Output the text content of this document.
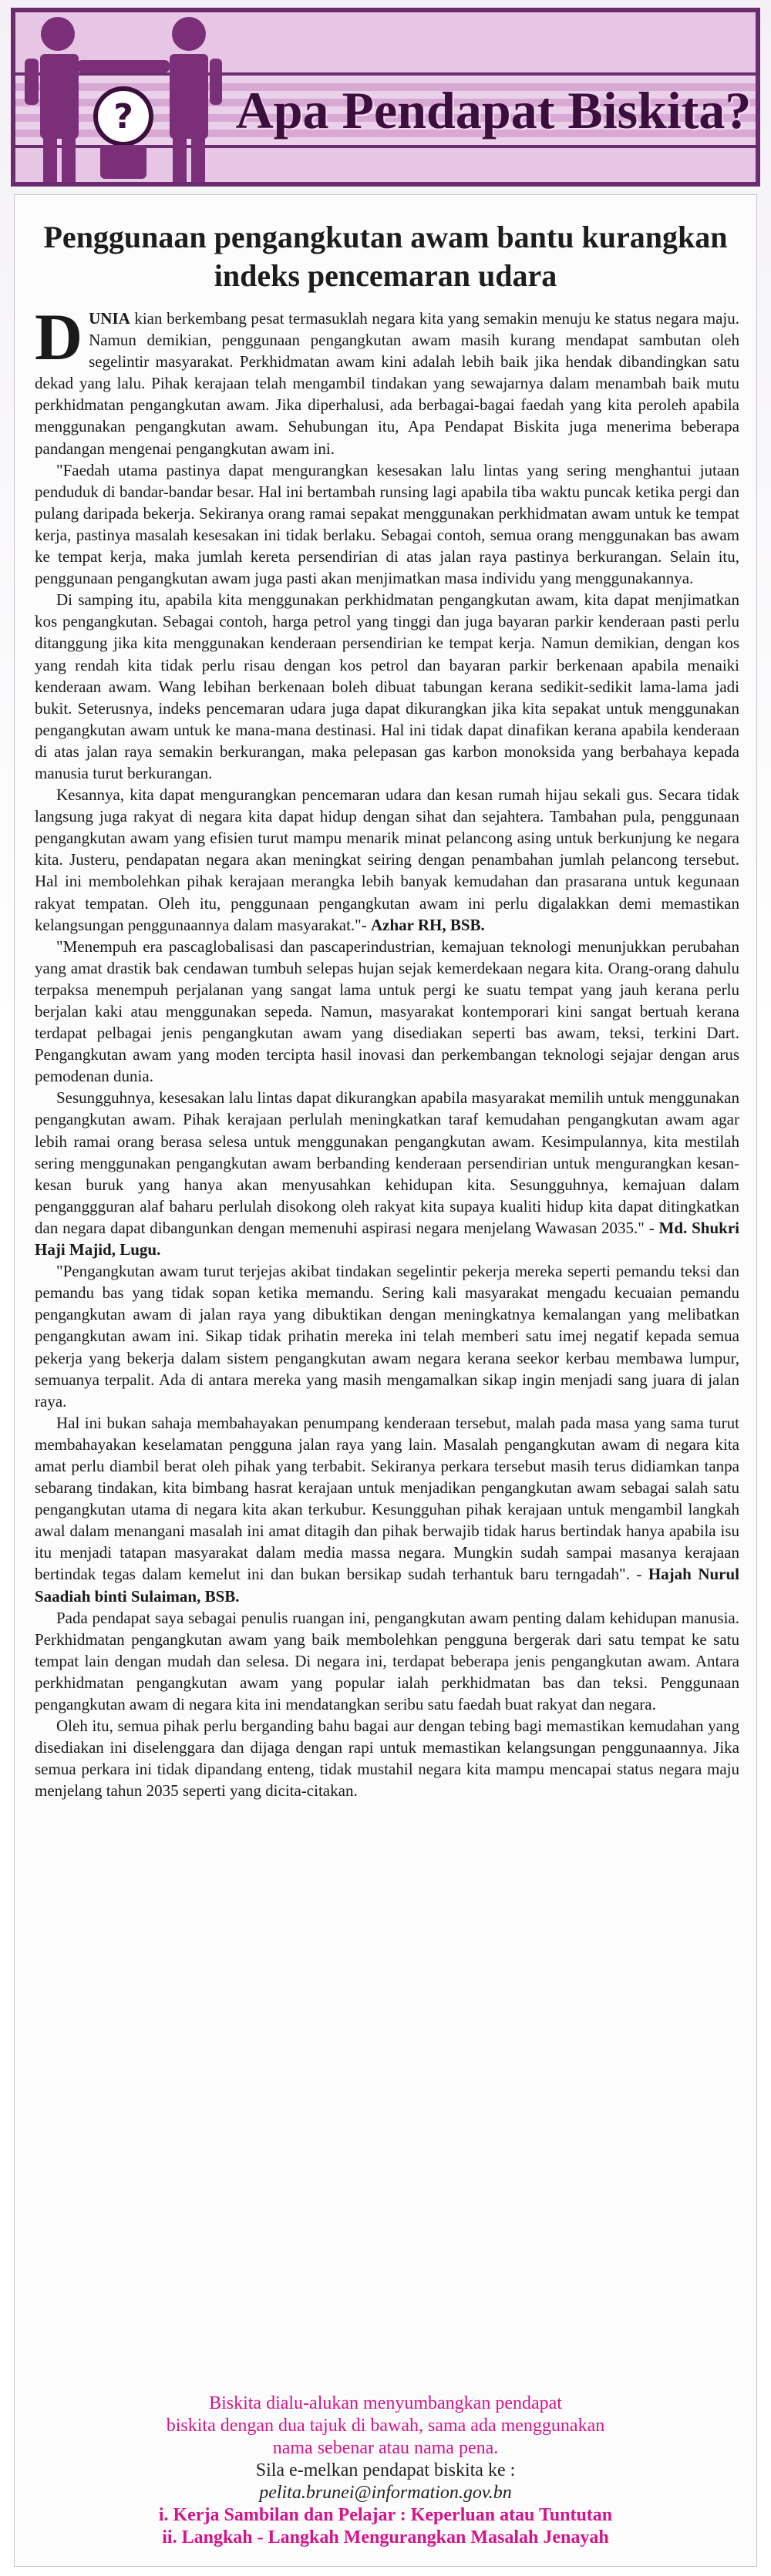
? Apa Pendapat Biskita?
Penggunaan pengangkutan awam bantu kurangkan indeks pencemaran udara

DUNIA kian berkembang pesat termasuklah negara kita yang semakin menuju ke status negara maju. Namun demikian, penggunaan pengangkutan awam masih kurang mendapat sambutan oleh segelintir masyarakat. Perkhidmatan awam kini adalah lebih baik jika hendak dibandingkan satu dekad yang lalu. Pihak kerajaan telah mengambil tindakan yang sewajarnya dalam menambah baik mutu perkhidmatan pengangkutan awam. Jika diperhalusi, ada berbagai-bagai faedah yang kita peroleh apabila menggunakan pengangkutan awam. Sehubungan itu, Apa Pendapat Biskita juga menerima beberapa pandangan mengenai pengangkutan awam ini.

"Faedah utama pastinya dapat mengurangkan kesesakan lalu lintas yang sering menghantui jutaan penduduk di bandar-bandar besar. Hal ini bertambah runsing lagi apabila tiba waktu puncak ketika pergi dan pulang daripada bekerja. Sekiranya orang ramai sepakat menggunakan perkhidmatan awam untuk ke tempat kerja, pastinya masalah kesesakan ini tidak berlaku. Sebagai contoh, semua orang menggunakan bas awam ke tempat kerja, maka jumlah kereta persendirian di atas jalan raya pastinya berkurangan. Selain itu, penggunaan pengangkutan awam juga pasti akan menjimatkan masa individu yang menggunakannya.

Di samping itu, apabila kita menggunakan perkhidmatan pengangkutan awam, kita dapat menjimatkan kos pengangkutan. Sebagai contoh, harga petrol yang tinggi dan juga bayaran parkir kenderaan pasti perlu ditanggung jika kita menggunakan kenderaan persendirian ke tempat kerja. Namun demikian, dengan kos yang rendah kita tidak perlu risau dengan kos petrol dan bayaran parkir berkenaan apabila menaiki kenderaan awam. Wang lebihan berkenaan boleh dibuat tabungan kerana sedikit-sedikit lama-lama jadi bukit. Seterusnya, indeks pencemaran udara juga dapat dikurangkan jika kita sepakat untuk menggunakan pengangkutan awam untuk ke mana-mana destinasi. Hal ini tidak dapat dinafikan kerana apabila kenderaan di atas jalan raya semakin berkurangan, maka pelepasan gas karbon monoksida yang berbahaya kepada manusia turut berkurangan.

Kesannya, kita dapat mengurangkan pencemaran udara dan kesan rumah hijau sekali gus. Secara tidak langsung juga rakyat di negara kita dapat hidup dengan sihat dan sejahtera. Tambahan pula, penggunaan pengangkutan awam yang efisien turut mampu menarik minat pelancong asing untuk berkunjung ke negara kita. Justeru, pendapatan negara akan meningkat seiring dengan penambahan jumlah pelancong tersebut. Hal ini membolehkan pihak kerajaan merangka lebih banyak kemudahan dan prasarana untuk kegunaan rakyat tempatan. Oleh itu, penggunaan pengangkutan awam ini perlu digalakkan demi memastikan kelangsungan penggunaannya dalam masyarakat."- Azhar RH, BSB.

"Menempuh era pascaglobalisasi dan pascaperindustrian, kemajuan teknologi menunjukkan perubahan yang amat drastik bak cendawan tumbuh selepas hujan sejak kemerdekaan negara kita. Orang-orang dahulu terpaksa menempuh perjalanan yang sangat lama untuk pergi ke suatu tempat yang jauh kerana perlu berjalan kaki atau menggunakan sepeda. Namun, masyarakat kontemporari kini sangat bertuah kerana terdapat pelbagai jenis pengangkutan awam yang disediakan seperti bas awam, teksi, terkini Dart. Pengangkutan awam yang moden tercipta hasil inovasi dan perkembangan teknologi sejajar dengan arus pemodenan dunia.

Sesungguhnya, kesesakan lalu lintas dapat dikurangkan apabila masyarakat memilih untuk menggunakan pengangkutan awam. Pihak kerajaan perlulah meningkatkan taraf kemudahan pengangkutan awam agar lebih ramai orang berasa selesa untuk menggunakan pengangkutan awam. Kesimpulannya, kita mestilah sering menggunakan pengangkutan awam berbanding kenderaan persendirian untuk mengurangkan kesan-kesan buruk yang hanya akan menyusahkan kehidupan kita. Sesungguhnya, kemajuan dalam penganggguran alaf baharu perlulah disokong oleh rakyat kita supaya kualiti hidup kita dapat ditingkatkan dan negara dapat dibangunkan dengan memenuhi aspirasi negara menjelang Wawasan 2035." - Md. Shukri Haji Majid, Lugu.

"Pengangkutan awam turut terjejas akibat tindakan segelintir pekerja mereka seperti pemandu teksi dan pemandu bas yang tidak sopan ketika memandu. Sering kali masyarakat mengadu kecuaian pemandu pengangkutan awam di jalan raya yang dibuktikan dengan meningkatnya kemalangan yang melibatkan pengangkutan awam ini. Sikap tidak prihatin mereka ini telah memberi satu imej negatif kepada semua pekerja yang bekerja dalam sistem pengangkutan awam negara kerana seekor kerbau membawa lumpur, semuanya terpalit. Ada di antara mereka yang masih mengamalkan sikap ingin menjadi sang juara di jalan raya.

Hal ini bukan sahaja membahayakan penumpang kenderaan tersebut, malah pada masa yang sama turut membahayakan keselamatan pengguna jalan raya yang lain. Masalah pengangkutan awam di negara kita amat perlu diambil berat oleh pihak yang terbabit. Sekiranya perkara tersebut masih terus didiamkan tanpa sebarang tindakan, kita bimbang hasrat kerajaan untuk menjadikan pengangkutan awam sebagai salah satu pengangkutan utama di negara kita akan terkubur. Kesungguhan pihak kerajaan untuk mengambil langkah awal dalam menangani masalah ini amat ditagih dan pihak berwajib tidak harus bertindak hanya apabila isu itu menjadi tatapan masyarakat dalam media massa negara. Mungkin sudah sampai masanya kerajaan bertindak tegas dalam kemelut ini dan bukan bersikap sudah terhantuk baru terngadah". - Hajah Nurul Saadiah binti Sulaiman, BSB.

Pada pendapat saya sebagai penulis ruangan ini, pengangkutan awam penting dalam kehidupan manusia. Perkhidmatan pengangkutan awam yang baik membolehkan pengguna bergerak dari satu tempat ke satu tempat lain dengan mudah dan selesa. Di negara ini, terdapat beberapa jenis pengangkutan awam. Antara perkhidmatan pengangkutan awam yang popular ialah perkhidmatan bas dan teksi. Penggunaan pengangkutan awam di negara kita ini mendatangkan seribu satu faedah buat rakyat dan negara.

Oleh itu, semua pihak perlu berganding bahu bagai aur dengan tebing bagi memastikan kemudahan yang disediakan ini diselenggara dan dijaga dengan rapi untuk memastikan kelangsungan penggunaannya. Jika semua perkara ini tidak dipandang enteng, tidak mustahil negara kita mampu mencapai status negara maju menjelang tahun 2035 seperti yang dicita-citakan.

Biskita dialu-alukan menyumbangkan pendapat
biskita dengan dua tajuk di bawah, sama ada menggunakan
nama sebenar atau nama pena.
Sila e-melkan pendapat biskita ke :
pelita.brunei@information.gov.bn
i. Kerja Sambilan dan Pelajar : Keperluan atau Tuntutan
ii. Langkah - Langkah Mengurangkan Masalah Jenayah
